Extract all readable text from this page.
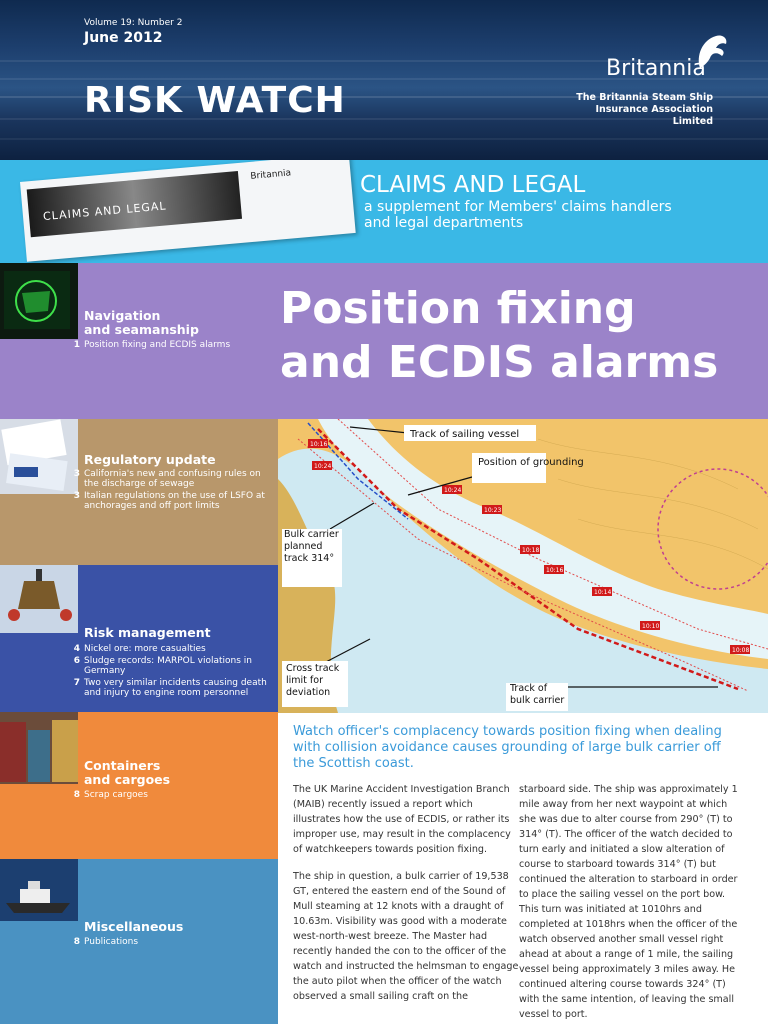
Volume 19: Number 2
June 2012
RISK WATCH
Britannia
The Britannia Steam Ship Insurance Association Limited
CLAIMS AND LEGAL
Britannia	CLAIMS AND LEGAL
a supplement for Members' claims handlers and legal departments
Position fixing
and ECDIS alarms
Navigation
and seamanship
1 Position fixing and ECDIS alarms
Regulatory update
3 California's new and confusing rules on the discharge of sewage
3 Italian regulations on the use of LSFO at anchorages and off port limits
Risk management
4 Nickel ore: more casualties
6 Sludge records: MARPOL violations in Germany
7 Two very similar incidents causing death and injury to engine room personnel
Containers
and cargoes
8 Scrap cargoes
Miscellaneous
8 Publications
10:16
10:24
10:24
10:23
10:18
10:16
10:14
10:10
10:08
Track of sailing vessel
Position of grounding
Bulk carrier planned track 314°
Cross track limit for deviation	Track of bulk carrier
Watch officer's complacency towards position fixing when dealing with collision avoidance causes grounding of large bulk carrier off the Scottish coast.

The UK Marine Accident Investigation Branch (MAIB) recently issued a report which illustrates how the use of ECDIS, or rather its improper use, may result in the complacency of watchkeepers towards position fixing.

The ship in question, a bulk carrier of 19,538 GT, entered the eastern end of the Sound of Mull steaming at 12 knots with a draught of 10.63m. Visibility was good with a moderate west-north-west breeze. The Master had recently handed the con to the officer of the watch and instructed the helmsman to engage the auto pilot when the officer of the watch observed a small sailing craft on the

starboard side. The ship was approximately 1 mile away from her next waypoint at which she was due to alter course from 290° (T) to 314° (T). The officer of the watch decided to turn early and initiated a slow alteration of course to starboard towards 314° (T) but continued the alteration to starboard in order to place the sailing vessel on the port bow. This turn was initiated at 1010hrs and completed at 1018hrs when the officer of the watch observed another small vessel right ahead at about a range of 1 mile, the sailing vessel being approximately 3 miles away. He continued altering course towards 324° (T) with the same intention, of leaving the small vessel to port.
